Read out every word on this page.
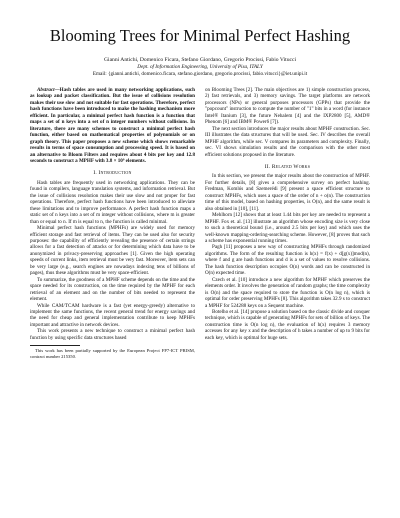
Blooming Trees for Minimal Perfect Hashing
Gianni Antichi, Domenico Ficara, Stefano Giordano, Gregorio Procissi, Fabio Vitucci
Dept. of Information Engineering, University of Pisa, ITALY
Email: {gianni.antichi, domenico.ficara, stefano.giordano, gregorio.procissi, fabio.vitucci}@iet.unipi.it

Abstract—Hash tables are used in many networking applications, such as lookup and packet classification. But the issue of collisions resolution makes their use slow and not suitable for fast operations. Therefore, perfect hash functions have been introduced to make the hashing mechanism more efficient. In particular, a minimal perfect hash function is a function that maps a set of n keys into a set of n integer numbers without collisions. In literature, there are many schemes to construct a minimal perfect hash function, either based on mathematical properties of polynomials or on graph theory. This paper proposes a new scheme which shows remarkable results in terms of space consumption and processing speed. It is based on an alternative to Bloom Filters and requires about 4 bits per key and 12.8 seconds to construct a MPHF with 3.8 × 10⁹ elements.

I. Introduction

Hash tables are frequently used in networking applications. They can be found in compilers, language translation systems, and information retrieval. But the issue of collisions resolution makes their use slow and not proper for fast operations. Therefore, perfect hash functions have been introduced to alleviate these limitations and to improve performance. A perfect hash function maps a static set of n keys into a set of m integer without collisions, where m is greater than or equal to n. If m is equal to n, the function is called minimal.

Minimal perfect hash functions (MPHFs) are widely used for memory efficient storage and fast retrieval of items. They can be used also for security purposes: the capability of efficiently revealing the presence of certain strings allows for a fast detection of attacks or for determining which data have to be anonymized in privacy-preserving approaches [1]. Given the high operating speeds of current links, item retrieval must be very fast. Moreover, item sets can be very large (e.g., search engines are nowadays indexing tens of billions of pages), thus these algorithms must be very space-efficient.

To summarize, the goodness of a MPHF scheme depends on the time and the space needed for its construction, on the time required by the MPHF for each retrieval of an element and on the number of bits needed to represent the element.

While CAM/TCAM hardware is a fast (yet energy-greedy) alternative to implement the same functions, the recent general trend for energy savings and the need for cheap and general implementation contribute to keep MPHFs important and attractive in network devices.

This work presents a new technique to construct a minimal perfect hash function by using specific data structures based

This work has been partially supported by the European Project FP7-ICT PRISM, contract number 215350.

on Blooming Trees [2]. The main objectives are 1) simple construction process, 2) fast retrievals, and 3) memory savings. The target platforms are network processors (NPs) or general purposes processors (GPPs) that provide the "popcount" instruction to compute the number of "1" bits in a word (for instance Intel® Itanium [3], the future Nehalem [4] and the IXP2800 [5], AMD® Phenom [6] and IBM® Power6 [7]).

The next section introduces the major results about MPHF construction. Sec. III illustrates the data structures that will be used. Sec. IV describes the overall MPHF algorithm, while sec. V compares its parameters and complexity. Finally, sec. VI shows simulation results and the comparison with the other most efficient solutions proposed in the literature.

II. Related Works

In this section, we present the major results about the construction of MPHF. For further details, [8] gives a comprehensive survey on perfect hashing. Fredman, Komlós and Szemerédi [9] present a space efficient structure to construct MPHFs, which uses a space of the order of n + o(n). The construction time of this model, based on hashing properties, is O(n), and the same result is also obtained in [10], [11].

Mehlhorn [12] shows that at least 1.44 bits per key are needed to represent a MPHF. Fox et. al. [13] illustrate an algorithm whose encoding size is very close to such a theoretical bound (i.e., around 2.5 bits per key) and which uses the well-known mapping-ordering-searching scheme. However, [8] proves that such a scheme has exponential running times.

Pagh [11] proposes a new way of constructing MPHFs through randomized algorithms. The form of the resulting function is h(x) = f(x) + d[g(x)]mod(n), where f and g are hash functions and d is a set of values to resolve collisions. The hash function description occupies O(n) words and can be constructed in O(n) expected time.

Czech et al. [10] introduce a new algorithm for MPHF which preserves the elements order. It involves the generation of random graphs; the time complexity is O(n) and the space required to store the function is O(n log n), which is optimal for order preserving MPHFs [8]. This algorithm takes 32.9 s to construct a MPHF for 524288 keys on a Sequent machine.

Botelho et al. [14] propose a solution based on the classic divide and conquer technique, which is capable of generating MPHFs for sets of billion of keys. The construction time is O(n log n), the evaluation of h(x) requires 3 memory accesses for any key x and the description of h takes a number of up to 9 bits for each key, which is optimal for huge sets.
